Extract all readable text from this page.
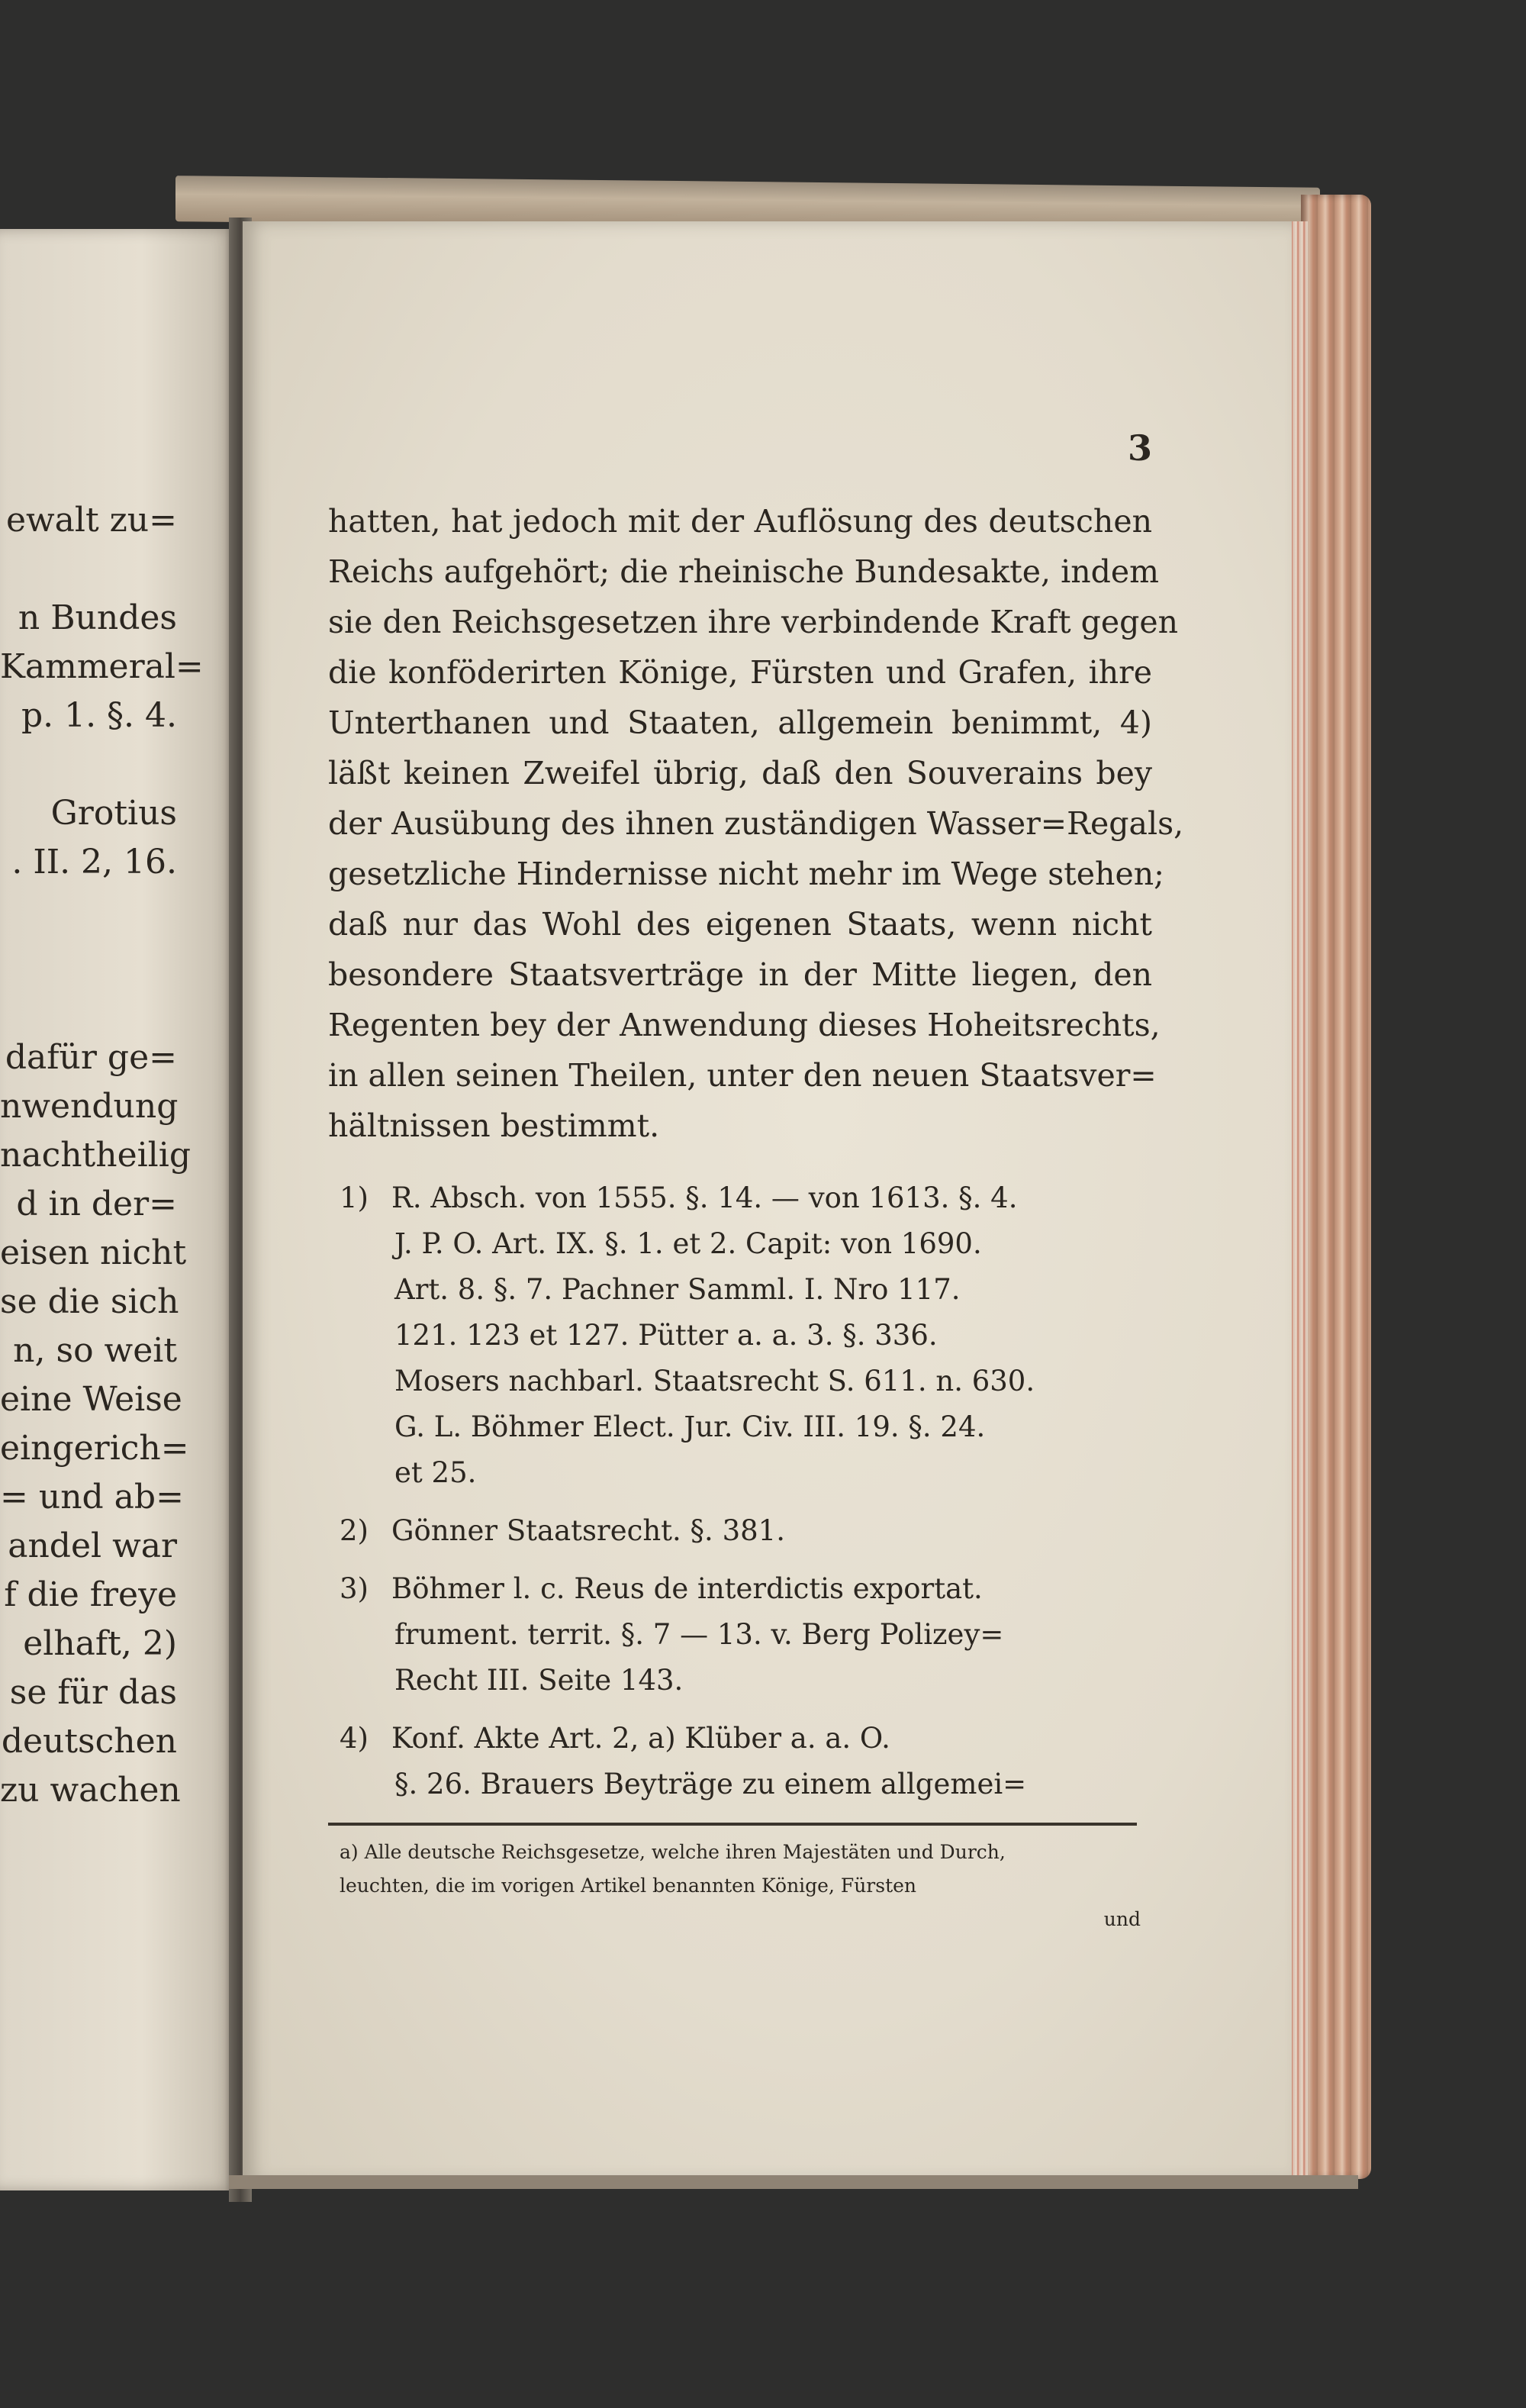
ewalt zu=
n Bundes
Kammeral=
p. 1. §. 4.
Grotius
. II. 2, 16.
dafür ge=
nwendung
nachtheilig
d in der=
eisen nicht
se die sich
n, so weit
eine Weise
eingerich=
= und ab=
andel war
f die freye
elhaft, 2)
se für das
deutschen
zu wachen
3
hatten, hat jedoch mit der Auflösung des deutschen
Reichs aufgehört; die rheinische Bundesakte, indem
sie den Reichsgesetzen ihre verbindende Kraft gegen
die konföderirten Könige, Fürsten und Grafen, ihre
Unterthanen und Staaten, allgemein benimmt, 4)
läßt keinen Zweifel übrig, daß den Souverains bey
der Ausübung des ihnen zuständigen Wasser=Regals,
gesetzliche Hindernisse nicht mehr im Wege stehen;
daß nur das Wohl des eigenen Staats, wenn nicht
besondere Staatsverträge in der Mitte liegen, den
Regenten bey der Anwendung dieses Hoheitsrechts,
in allen seinen Theilen, unter den neuen Staatsver=
hältnissen bestimmt.
1) R. Absch. von 1555. §. 14. — von 1613. §. 4.
J. P. O. Art. IX. §. 1. et 2. Capit: von 1690.
Art. 8. §. 7. Pachner Samml. I. Nro 117.
121. 123 et 127. Pütter a. a. 3. §. 336.
Mosers nachbarl. Staatsrecht S. 611. n. 630.
G. L. Böhmer Elect. Jur. Civ. III. 19. §. 24.
et 25.
2) Gönner Staatsrecht. §. 381.
3) Böhmer l. c. Reus de interdictis exportat.
frument. territ. §. 7 — 13. v. Berg Polizey=
Recht III. Seite 143.
4) Konf. Akte Art. 2, a) Klüber a. a. O.
§. 26. Brauers Beyträge zu einem allgemei=
a) Alle deutsche Reichsgesetze, welche ihren Majestäten und Durch,
leuchten, die im vorigen Artikel benannten Könige, Fürsten
und
